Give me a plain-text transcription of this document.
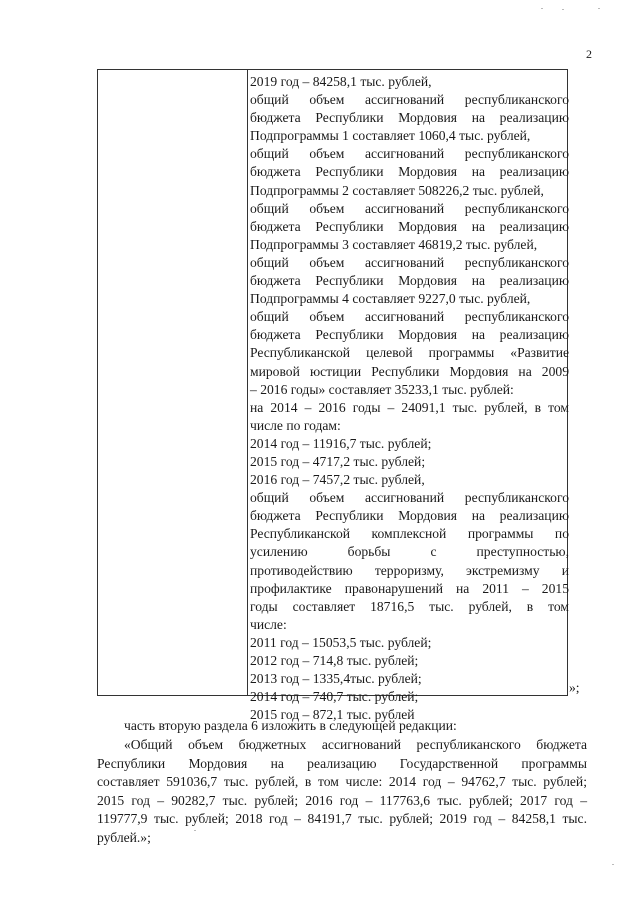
2
2019 год – 84258,1 тыс. рублей,
общий объем ассигнований республиканского
бюджета Республики Мордовия на реализацию
Подпрограммы 1 составляет 1060,4 тыс. рублей,
общий объем ассигнований республиканского
бюджета Республики Мордовия на реализацию
Подпрограммы 2 составляет 508226,2 тыс. рублей,
общий объем ассигнований республиканского
бюджета Республики Мордовия на реализацию
Подпрограммы 3 составляет 46819,2 тыс. рублей,
общий объем ассигнований республиканского
бюджета Республики Мордовия на реализацию
Подпрограммы 4 составляет 9227,0 тыс. рублей,
общий объем ассигнований республиканского
бюджета Республики Мордовия на реализацию
Республиканской целевой программы «Развитие
мировой юстиции Республики Мордовия на 2009
– 2016 годы» составляет 35233,1 тыс. рублей:
на 2014 – 2016 годы – 24091,1 тыс. рублей, в том
числе по годам:
2014 год – 11916,7 тыс. рублей;
2015 год – 4717,2 тыс. рублей;
2016 год – 7457,2 тыс. рублей,
общий объем ассигнований республиканского
бюджета Республики Мордовия на реализацию
Республиканской комплексной программы по
усилению борьбы с преступностью,
противодействию терроризму, экстремизму и
профилактике правонарушений на 2011 – 2015
годы составляет 18716,5 тыс. рублей, в том
числе:
2011 год – 15053,5 тыс. рублей;
2012 год – 714,8 тыс. рублей;
2013 год – 1335,4тыс. рублей;
2014 год – 740,7 тыс. рублей;
2015 год – 872,1 тыс. рублей
»;
часть вторую раздела 6 изложить в следующей редакции:
«Общий объем бюджетных ассигнований республиканского бюджета
Республики Мордовия на реализацию Государственной программы
составляет 591036,7 тыс. рублей, в том числе: 2014 год – 94762,7 тыс. рублей;
2015 год – 90282,7 тыс. рублей; 2016 год – 117763,6 тыс. рублей; 2017 год –
119777,9 тыс. рублей; 2018 год – 84191,7 тыс. рублей; 2019 год – 84258,1 тыс.
рублей.»;
